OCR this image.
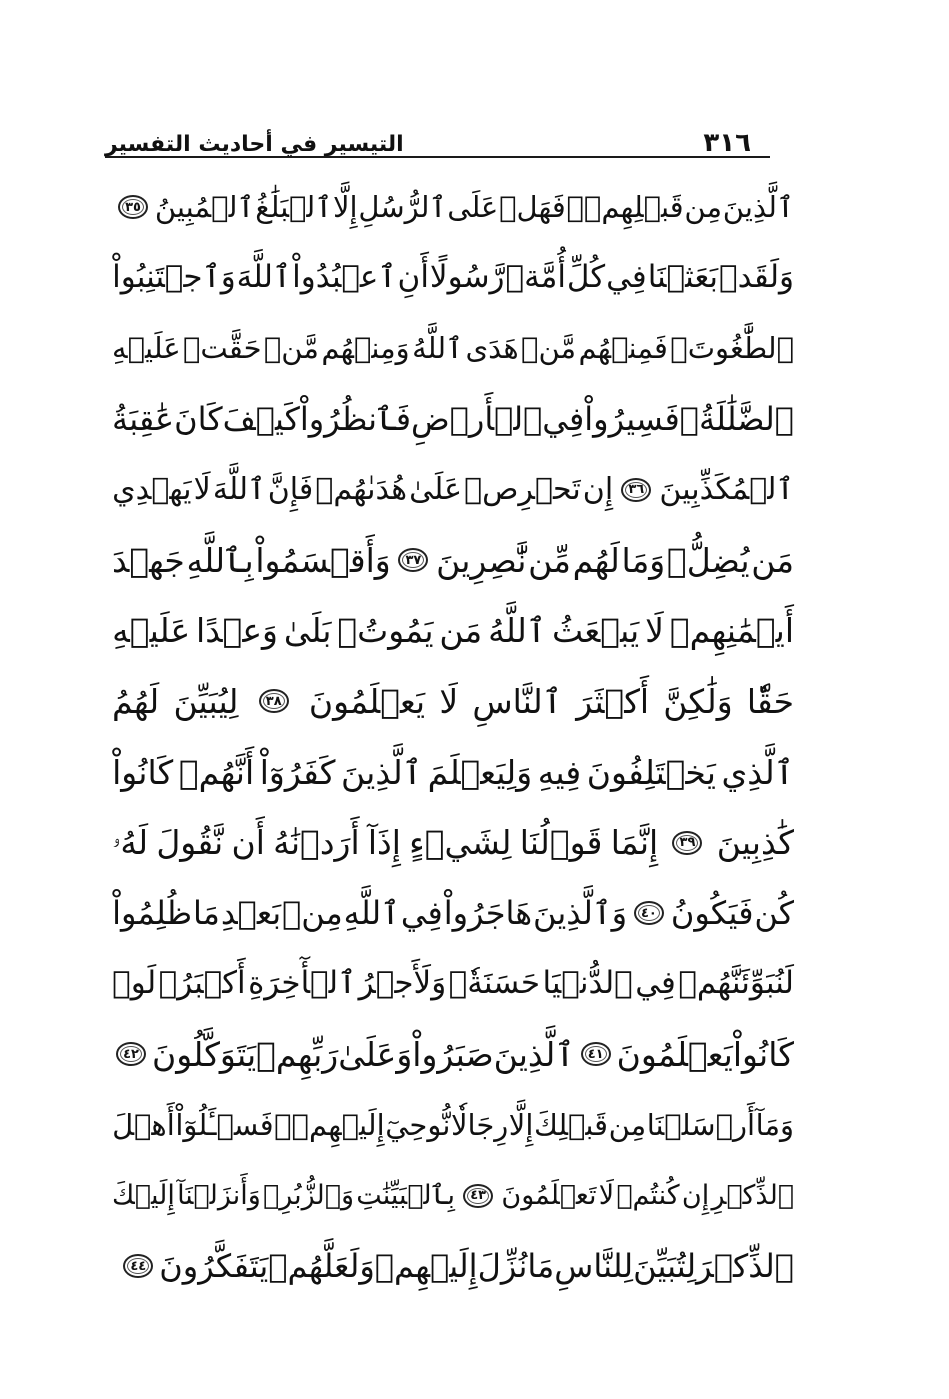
التيسير في أحاديث التفسير	٣١٦
ٱلَّذِينَ
مِن
قَبۡلِهِمۡۚ
فَهَلۡ
عَلَى
ٱلرُّسُلِ
إِلَّا
ٱلۡبَلَٰغُ
ٱلۡمُبِينُ
٣٥
وَلَقَدۡ
بَعَثۡنَا
فِي
كُلِّ
أُمَّةٖ
رَّسُولًا
أَنِ
ٱعۡبُدُواْ
ٱللَّهَ
وَٱجۡتَنِبُواْ
ٱلطَّٰغُوتَۖ
فَمِنۡهُم
مَّنۡ
هَدَى
ٱللَّهُ
وَمِنۡهُم
مَّنۡ
حَقَّتۡ
عَلَيۡهِ
ٱلضَّلَٰلَةُۚ
فَسِيرُواْ
فِي
ٱلۡأَرۡضِ
فَٱنظُرُواْ
كَيۡفَ
كَانَ
عَٰقِبَةُ
ٱلۡمُكَذِّبِينَ
٣٦
إِن
تَحۡرِصۡ
عَلَىٰ
هُدَىٰهُمۡ
فَإِنَّ
ٱللَّهَ
لَا
يَهۡدِي
مَن
يُضِلُّۖ
وَمَا
لَهُم
مِّن
نَّٰصِرِينَ
٣٧
وَأَقۡسَمُواْ
بِٱللَّهِ
جَهۡدَ
أَيۡمَٰنِهِمۡ
لَا
يَبۡعَثُ
ٱللَّهُ
مَن
يَمُوتُۚ
بَلَىٰ
وَعۡدًا
عَلَيۡهِ
حَقّٗا
وَلَٰكِنَّ
أَكۡثَرَ
ٱلنَّاسِ
لَا
يَعۡلَمُونَ
٣٨
لِيُبَيِّنَ
لَهُمُ
ٱلَّذِي
يَخۡتَلِفُونَ
فِيهِ
وَلِيَعۡلَمَ
ٱلَّذِينَ
كَفَرُوٓاْ
أَنَّهُمۡ
كَانُواْ
كَٰذِبِينَ
٣٩
إِنَّمَا
قَوۡلُنَا
لِشَيۡءٍ
إِذَآ
أَرَدۡنَٰهُ
أَن
نَّقُولَ
لَهُۥ
كُن
فَيَكُونُ
٤٠
وَٱلَّذِينَ
هَاجَرُواْ
فِي
ٱللَّهِ
مِنۢ
بَعۡدِ
مَا
ظُلِمُواْ
لَنُبَوِّئَنَّهُمۡ
فِي
ٱلدُّنۡيَا
حَسَنَةٗۖ
وَلَأَجۡرُ
ٱلۡأٓخِرَةِ
أَكۡبَرُۚ
لَوۡ
كَانُواْ
يَعۡلَمُونَ
٤١
ٱلَّذِينَ
صَبَرُواْ
وَعَلَىٰ
رَبِّهِمۡ
يَتَوَكَّلُونَ
٤٢
وَمَآ
أَرۡسَلۡنَا
مِن
قَبۡلِكَ
إِلَّا
رِجَالٗا
نُّوحِيٓ
إِلَيۡهِمۡۚ
فَسۡـَٔلُوٓاْ
أَهۡلَ
ٱلذِّكۡرِ
إِن
كُنتُمۡ
لَا
تَعۡلَمُونَ
٤٣
بِٱلۡبَيِّنَٰتِ
وَٱلزُّبُرِۗ
وَأَنزَلۡنَآ
إِلَيۡكَ
ٱلذِّكۡرَ
لِتُبَيِّنَ
لِلنَّاسِ
مَا
نُزِّلَ
إِلَيۡهِمۡ
وَلَعَلَّهُمۡ
يَتَفَكَّرُونَ
٤٤
